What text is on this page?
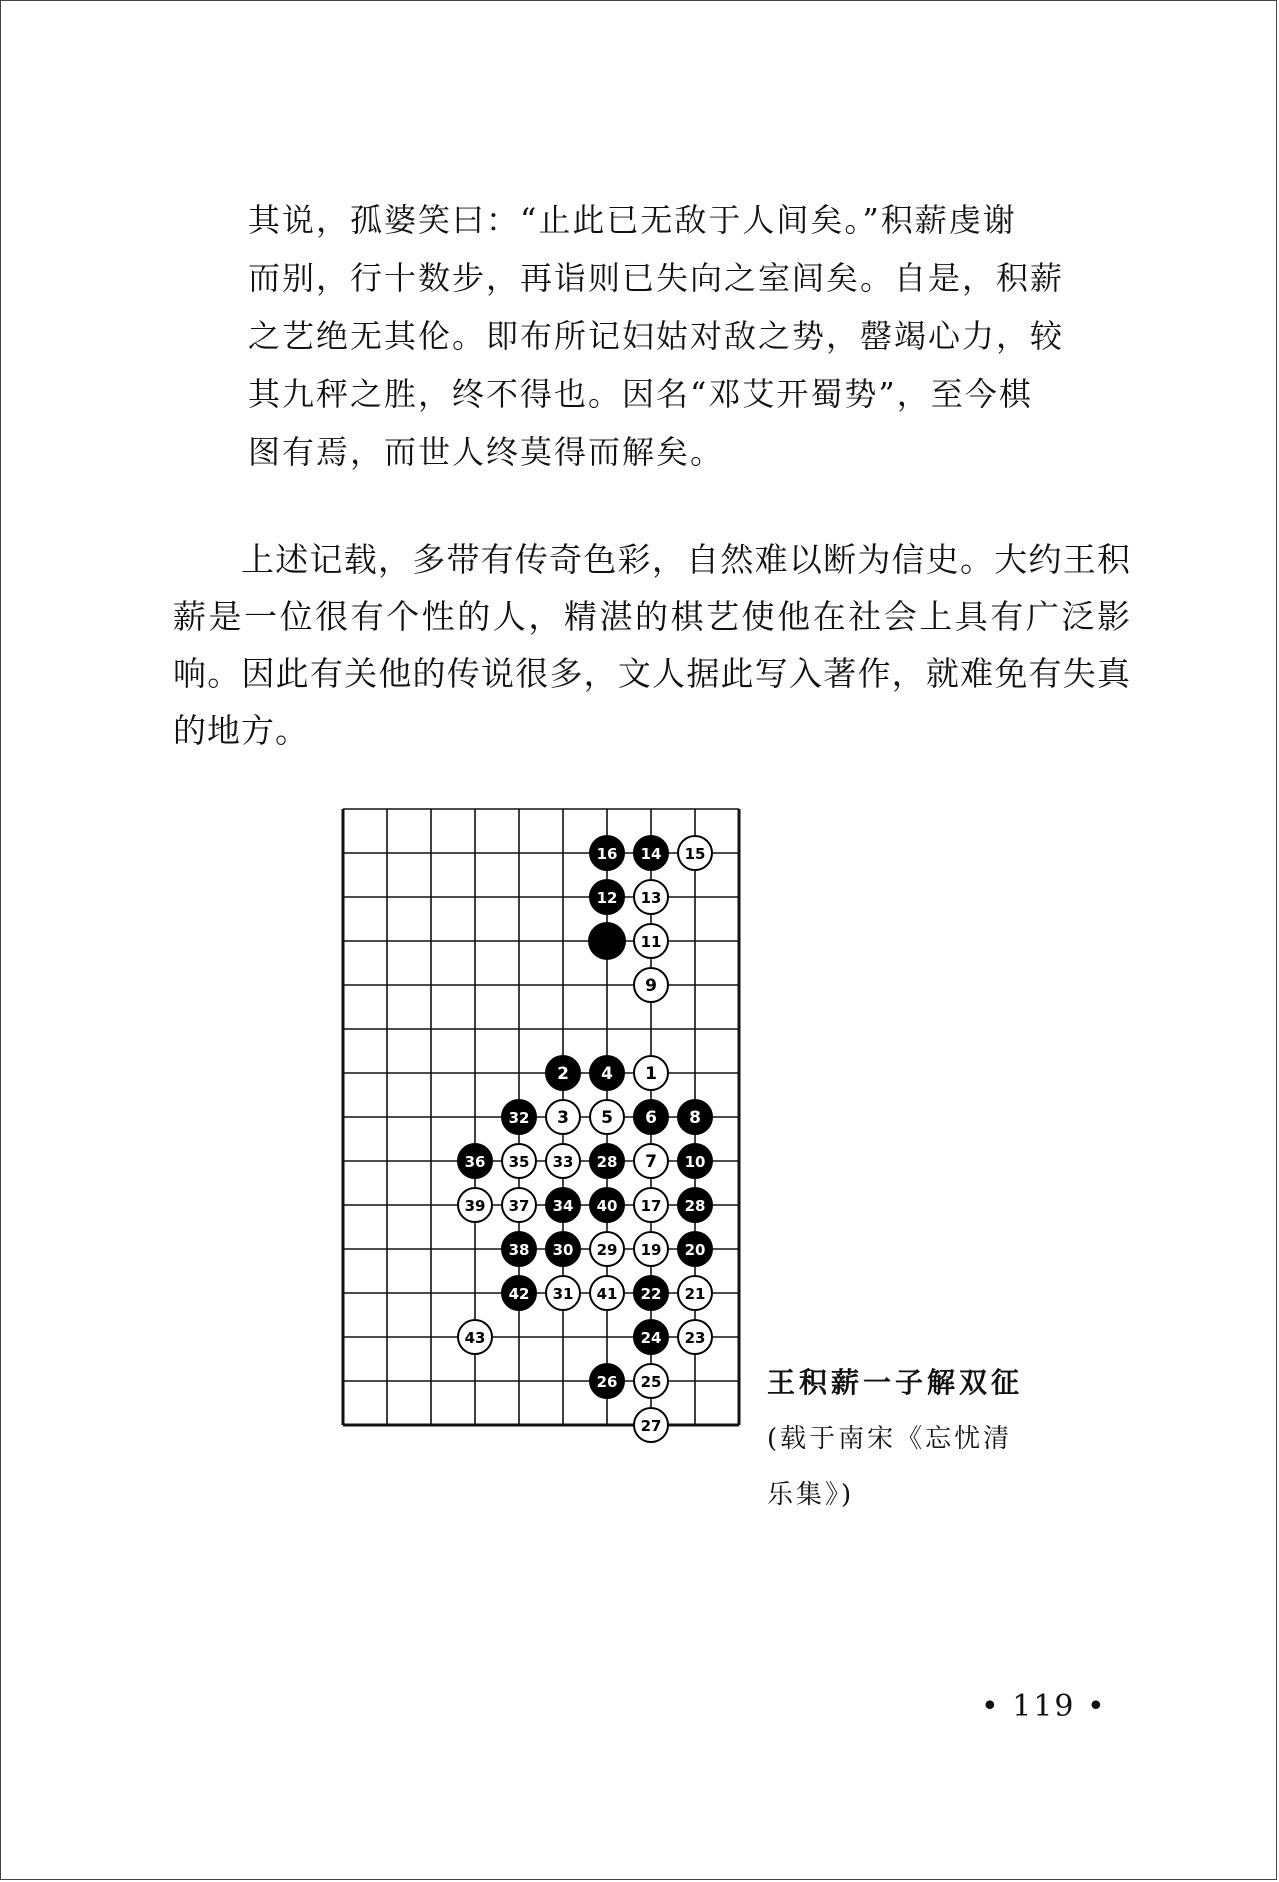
其说，孤婆笑曰：“止此已无敌于人间矣。”积薪虔谢

而别，行十数步，再诣则已失向之室闾矣。自是，积薪

之艺绝无其伦。即布所记妇姑对敌之势，罄竭心力，较

其九秤之胜，终不得也。因名“邓艾开蜀势”，至今棋

图有焉，而世人终莫得而解矣。

上述记载，多带有传奇色彩，自然难以断为信史。大约王积薪是一位很有个性的人，精湛的棋艺使他在社会上具有广泛影响。因此有关他的传说很多，文人据此写入著作，就难免有失真的地方。

1
2
3
4
5 6
7
8
9
10
11
12 13
14 15
16
17
19 20
21
22
23
24
25
26
27
28
28
29
30
31
32
33
34
35
36
37
38
39	40
41
42
43
王积薪一子解双征
(载于南宋《忘忧清
乐集》)
• 119 •
